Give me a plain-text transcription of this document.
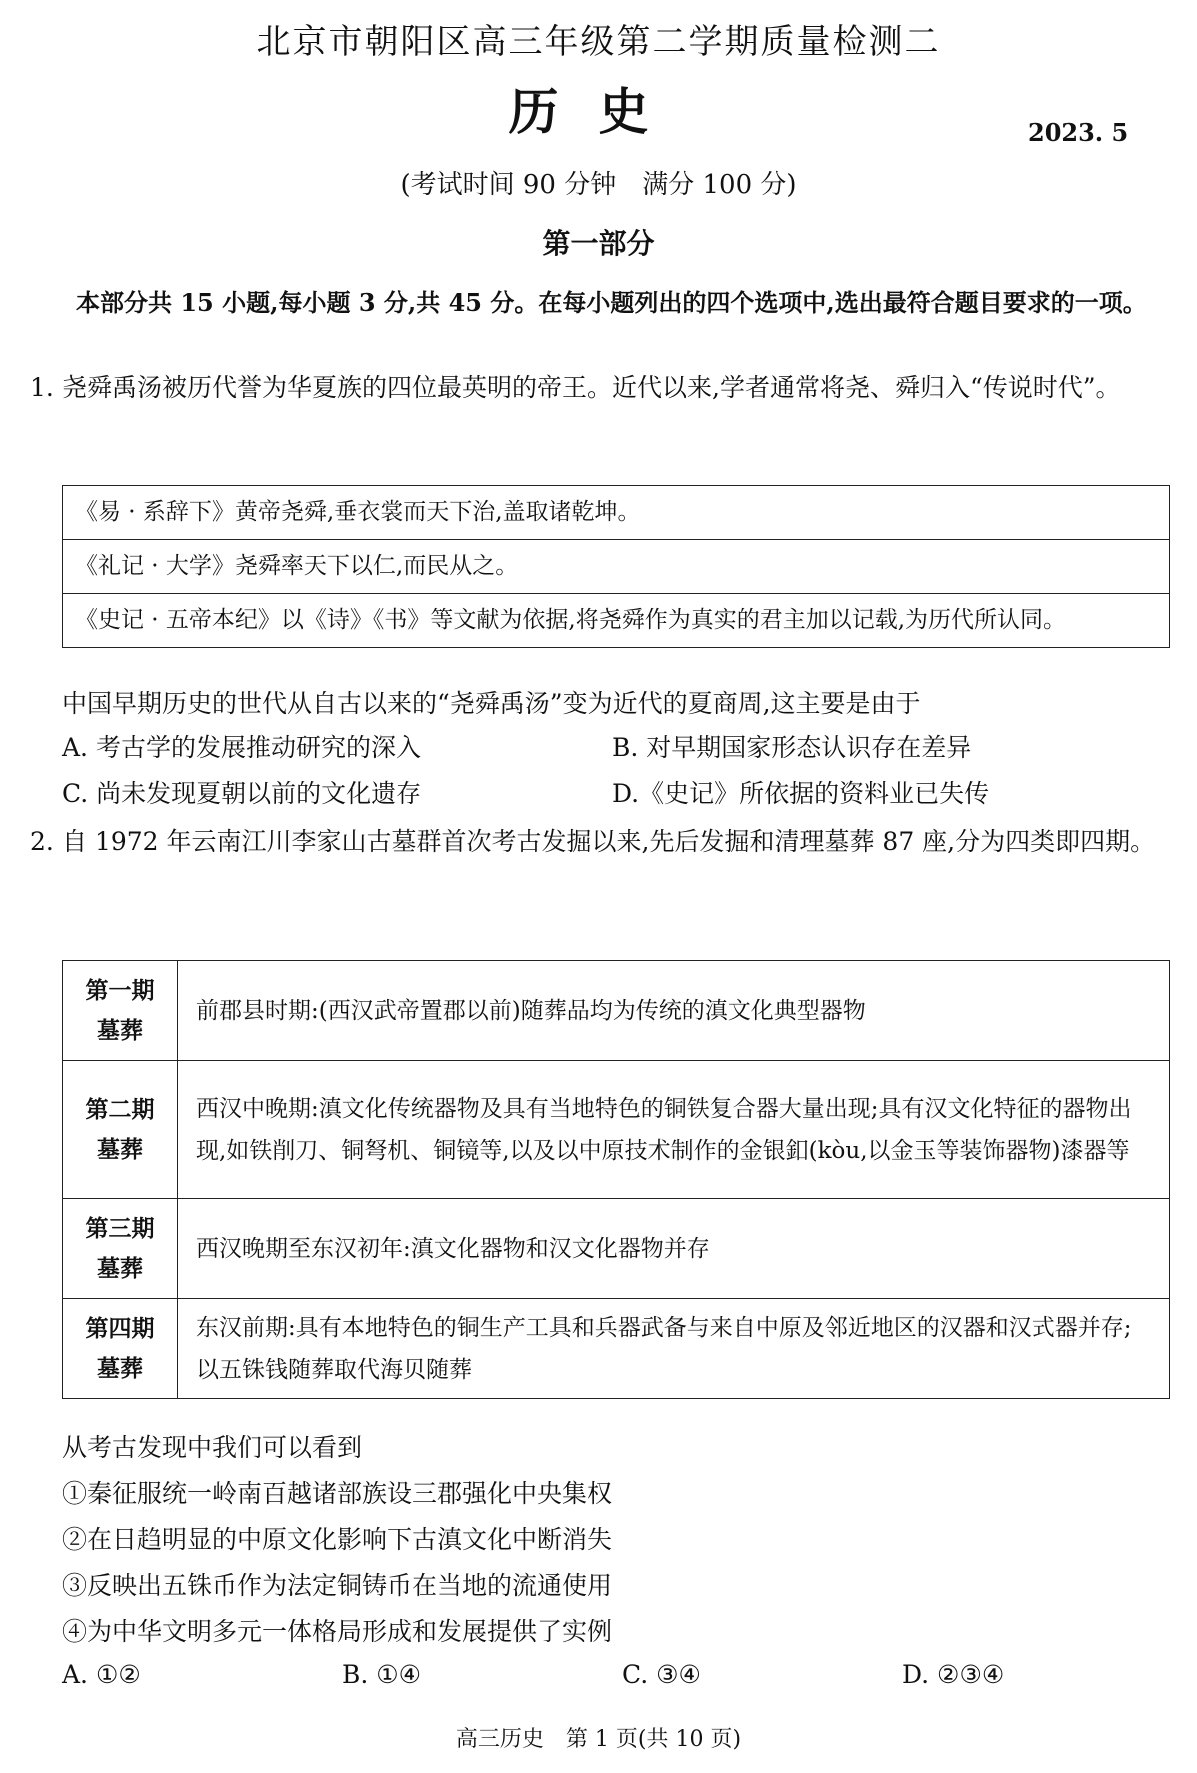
北京市朝阳区高三年级第二学期质量检测二
历史	2023. 5
(考试时间 90 分钟　满分 100 分)
第一部分
本部分共 15 小题,每小题 3 分,共 45 分。在每小题列出的四个选项中,选出最符合题目要求的一项。
1. 尧舜禹汤被历代誉为华夏族的四位最英明的帝王。近代以来,学者通常将尧、舜归入“传说时代”。
《易 · 系辞下》黄帝尧舜,垂衣裳而天下治,盖取诸乾坤。
《礼记 · 大学》尧舜率天下以仁,而民从之。
《史记 · 五帝本纪》以《诗》《书》等文献为依据,将尧舜作为真实的君主加以记载,为历代所认同。
中国早期历史的世代从自古以来的“尧舜禹汤”变为近代的夏商周,这主要是由于
A. 考古学的发展推动研究的深入	B. 对早期国家形态认识存在差异
C. 尚未发现夏朝以前的文化遗存	D.《史记》所依据的资料业已失传
2. 自 1972 年云南江川李家山古墓群首次考古发掘以来,先后发掘和清理墓葬 87 座,分为四类即四期。
第一期
墓葬	前郡县时期:(西汉武帝置郡以前)随葬品均为传统的滇文化典型器物

第二期
墓葬	西汉中晚期:滇文化传统器物及具有当地特色的铜铁复合器大量出现;具有汉文化特征的器物出现,如铁削刀、铜弩机、铜镜等,以及以中原技术制作的金银釦(kòu,以金玉等装饰器物)漆器等

第三期
墓葬	西汉晚期至东汉初年:滇文化器物和汉文化器物并存

第四期
墓葬	东汉前期:具有本地特色的铜生产工具和兵器武备与来自中原及邻近地区的汉器和汉式器并存;以五铢钱随葬取代海贝随葬
从考古发现中我们可以看到
①秦征服统一岭南百越诸部族设三郡强化中央集权
②在日趋明显的中原文化影响下古滇文化中断消失
③反映出五铢币作为法定铜铸币在当地的流通使用
④为中华文明多元一体格局形成和发展提供了实例
A. ①②	B. ①④	C. ③④	D. ②③④
高三历史　第 1 页(共 10 页)
